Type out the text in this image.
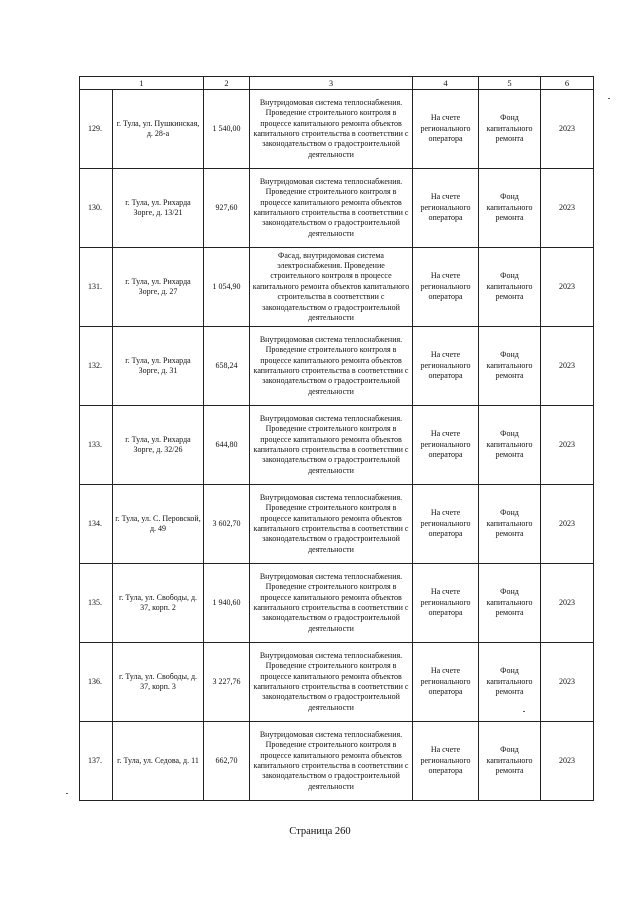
1		2	3	4	5	6
129.	г. Тула, ул. Пушкинская, д. 28-а	1 540,00	Внутридомовая система теплоснабжения. Проведение строительного контроля в процессе капитального ремонта объектов капитального строительства в соответствии с законодательством о градостроительной деятельности	На счете регионального оператора	Фонд капитального ремонта	2023
130.	г. Тула, ул. Рихарда Зорге, д. 13/21	927,60	Внутридомовая система теплоснабжения. Проведение строительного контроля в процессе капитального ремонта объектов капитального строительства в соответствии с законодательством о градостроительной деятельности	На счете регионального оператора	Фонд капитального ремонта	2023
131.	г. Тула, ул. Рихарда Зорге, д. 27	1 054,90	Фасад, внутридомовая система электроснабжения. Проведение строительного контроля в процессе капитального ремонта объектов капитального строительства в соответствии с законодательством о градостроительной деятельности	На счете регионального оператора	Фонд капитального ремонта	2023
132.	г. Тула, ул. Рихарда Зорге, д. 31	658,24	Внутридомовая система теплоснабжения. Проведение строительного контроля в процессе капитального ремонта объектов капитального строительства в соответствии с законодательством о градостроительной деятельности	На счете регионального оператора	Фонд капитального ремонта	2023
133.	г. Тула, ул. Рихарда Зорге, д. 32/26	644,80	Внутридомовая система теплоснабжения. Проведение строительного контроля в процессе капитального ремонта объектов капитального строительства в соответствии с законодательством о градостроительной деятельности	На счете регионального оператора	Фонд капитального ремонта	2023
134.	г. Тула, ул. С. Перовской, д. 49	3 602,70	Внутридомовая система теплоснабжения. Проведение строительного контроля в процессе капитального ремонта объектов капитального строительства в соответствии с законодательством о градостроительной деятельности	На счете регионального оператора	Фонд капитального ремонта	2023
135.	г. Тула, ул. Свободы, д. 37, корп. 2	1 940,60	Внутридомовая система теплоснабжения. Проведение строительного контроля в процессе капитального ремонта объектов капитального строительства в соответствии с законодательством о градостроительной деятельности	На счете регионального оператора	Фонд капитального ремонта	2023
136.	г. Тула, ул. Свободы, д. 37, корп. 3	3 227,76	Внутридомовая система теплоснабжения. Проведение строительного контроля в процессе капитального ремонта объектов капитального строительства в соответствии с законодательством о градостроительной деятельности	На счете регионального оператора	Фонд капитального ремонта	2023
137.	г. Тула, ул. Седова, д. 11	662,70	Внутридомовая система теплоснабжения. Проведение строительного контроля в процессе капитального ремонта объектов капитального строительства в соответствии с законодательством о градостроительной деятельности	На счете регионального оператора	Фонд капитального ремонта	2023
Страница 260
